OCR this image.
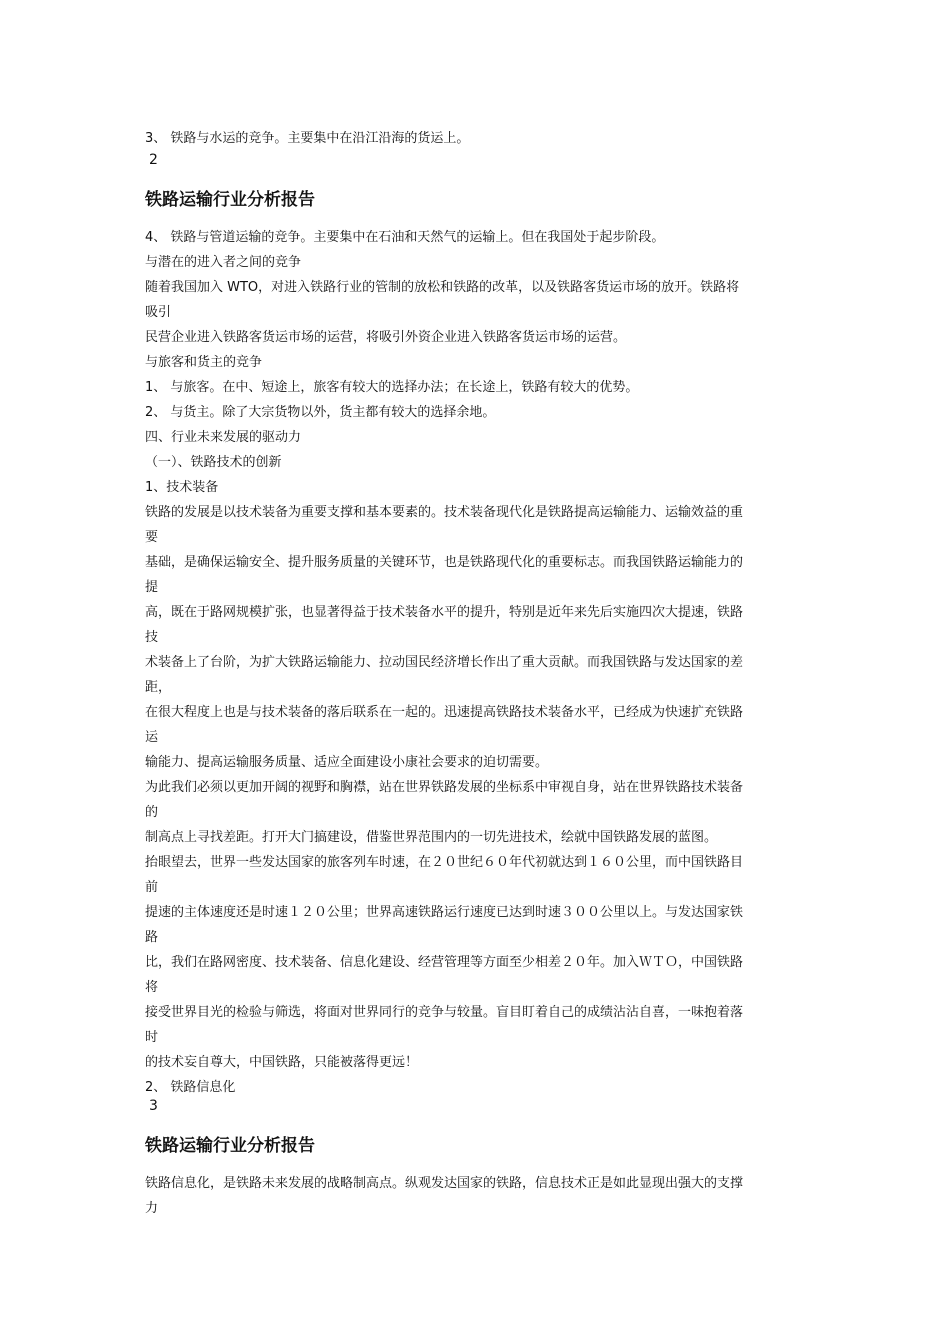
3、 铁路与水运的竞争。主要集中在沿江沿海的货运上。
2
铁路运输行业分析报告
4、 铁路与管道运输的竞争。主要集中在石油和天然气的运输上。但在我国处于起步阶段。
与潜在的进入者之间的竞争
随着我国加入 WTO，对进入铁路行业的管制的放松和铁路的改革，以及铁路客货运市场的放开。铁路将
吸引
民营企业进入铁路客货运市场的运营，将吸引外资企业进入铁路客货运市场的运营。
与旅客和货主的竞争
1、 与旅客。在中、短途上，旅客有较大的选择办法；在长途上，铁路有较大的优势。
2、 与货主。除了大宗货物以外，货主都有较大的选择余地。
四、行业未来发展的驱动力
（一）、铁路技术的创新
1、技术装备
铁路的发展是以技术装备为重要支撑和基本要素的。技术装备现代化是铁路提高运输能力、运输效益的重
要
基础，是确保运输安全、提升服务质量的关键环节，也是铁路现代化的重要标志。而我国铁路运输能力的
提
高，既在于路网规模扩张，也显著得益于技术装备水平的提升，特别是近年来先后实施四次大提速，铁路
技
术装备上了台阶，为扩大铁路运输能力、拉动国民经济增长作出了重大贡献。而我国铁路与发达国家的差
距，
在很大程度上也是与技术装备的落后联系在一起的。迅速提高铁路技术装备水平，已经成为快速扩充铁路
运
输能力、提高运输服务质量、适应全面建设小康社会要求的迫切需要。
为此我们必须以更加开阔的视野和胸襟，站在世界铁路发展的坐标系中审视自身，站在世界铁路技术装备
的
制高点上寻找差距。打开大门搞建设，借鉴世界范围内的一切先进技术，绘就中国铁路发展的蓝图。
抬眼望去，世界一些发达国家的旅客列车时速，在２０世纪６０年代初就达到１６０公里，而中国铁路目
前
提速的主体速度还是时速１２０公里；世界高速铁路运行速度已达到时速３００公里以上。与发达国家铁
路
比，我们在路网密度、技术装备、信息化建设、经营管理等方面至少相差２０年。加入ＷＴＯ，中国铁路
将
接受世界目光的检验与筛选，将面对世界同行的竞争与较量。盲目盯着自己的成绩沾沾自喜，一味抱着落
时
的技术妄自尊大，中国铁路，只能被落得更远！
2、 铁路信息化
3
铁路运输行业分析报告
铁路信息化，是铁路未来发展的战略制高点。纵观发达国家的铁路，信息技术正是如此显现出强大的支撑
力
